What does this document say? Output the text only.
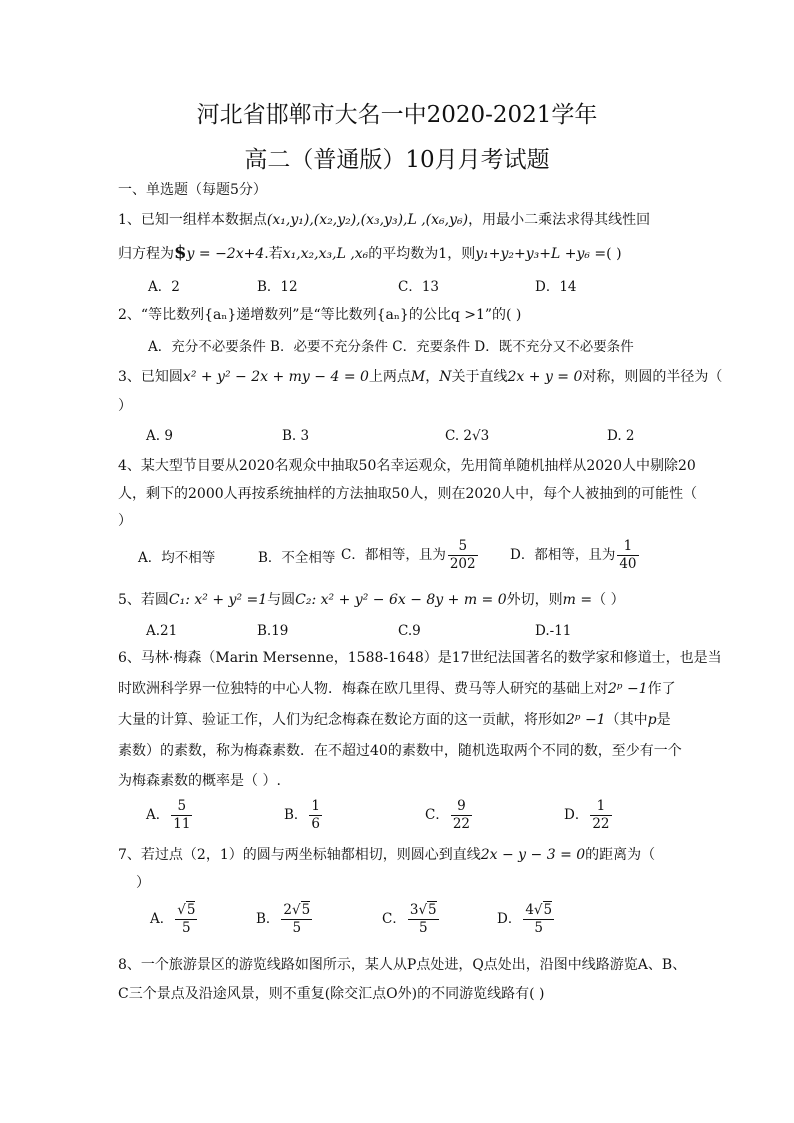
河北省邯郸市大名一中2020-2021学年
高二（普通版）10月月考试题
一、单选题（每题5分）
1、已知一组样本数据点(x₁,y₁),(x₂,y₂),(x₃,y₃),L ,(x₆,y₆)，用最小二乘法求得其线性回
归方程为$y = −2x+4.若x₁,x₂,x₃,L ,x₆的平均数为1，则y₁+y₂+y₃+L +y₆ =( )
A．2	B．12	C．13	D．14
2、“等比数列{aₙ}递增数列”是“等比数列{aₙ}的公比q >1”的( )
A．充分不必要条件 B．必要不充分条件 C．充要条件 D．既不充分又不必要条件
3、已知圆x² + y² − 2x + my − 4 = 0上两点M，N关于直线2x + y = 0对称，则圆的半径为（
）
A. 9	B. 3	C. 2√3	D. 2
4、某大型节目要从2020名观众中抽取50名幸运观众，先用简单随机抽样从2020人中剔除20
人，剩下的2000人再按系统抽样的方法抽取50人，则在2020人中，每个人被抽到的可能性（
）
A．均不相等	B．不全相等 C．都相等，且为 $\frac{5}{202}$ D．都相等，且为 $\frac{1}{40}$
5、若圆C₁: x² + y² =1与圆C₂: x² + y² − 6x − 8y + m = 0外切，则m =（ ）
A.21	B.19	C.9	D.-11
6、马林·梅森（Marin Mersenne，1588-1648）是17世纪法国著名的数学家和修道士，也是当
时欧洲科学界一位独特的中心人物．梅森在欧几里得、费马等人研究的基础上对2ᵖ −1作了
大量的计算、验证工作，人们为纪念梅森在数论方面的这一贡献，将形如2ᵖ −1（其中p是
素数）的素数，称为梅森素数．在不超过40的素数中，随机选取两个不同的数，至少有一个
为梅森素数的概率是（ ）.
A． $\frac{5}{11}$	B． $\frac{1}{6}$	C． $\frac{9}{22}$	D． $\frac{1}{22}$
7、若过点（2，1）的圆与两坐标轴都相切，则圆心到直线2x − y − 3 = 0的距离为（
）
A． $\frac{√5}{5}$	B． $\frac{2√5}{5}$	C． $\frac{3√5}{5}$	D． $\frac{4√5}{5}$
8、一个旅游景区的游览线路如图所示，某人从P点处进，Q点处出，沿图中线路游览A、B、
C三个景点及沿途风景，则不重复(除交汇点O外)的不同游览线路有( )
